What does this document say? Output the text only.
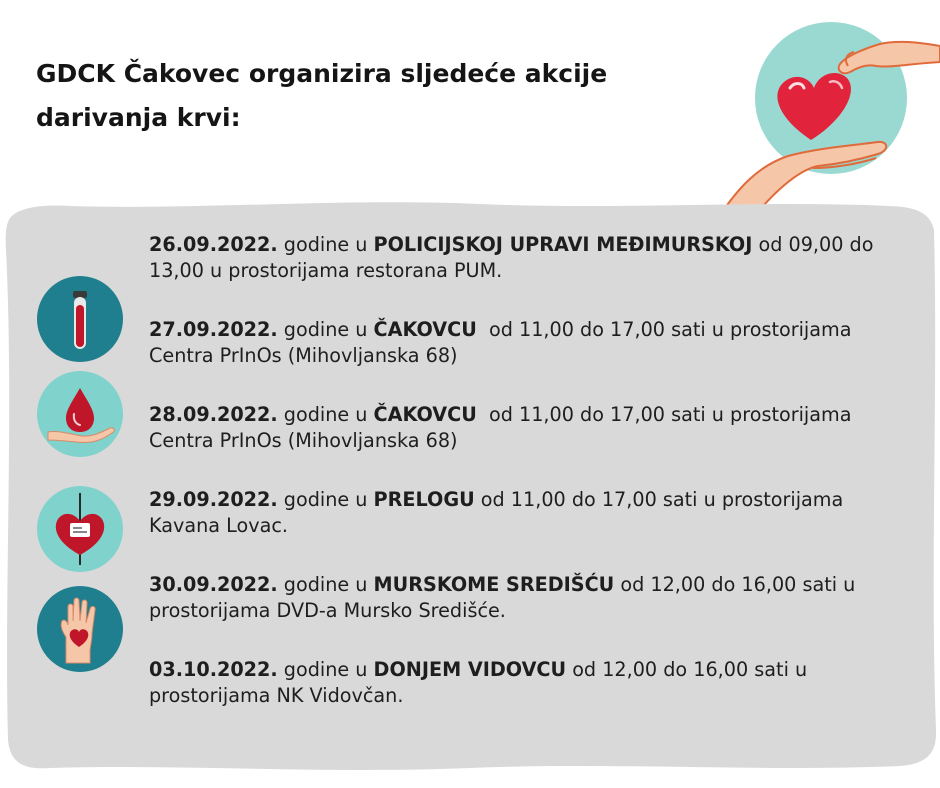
GDCK Čakovec organizira sljedeće akcije darivanja krvi:

26.09.2022. godine u POLICIJSKOJ UPRAVI MEĐIMURSKOJ od 09,00 do 13,00 u prostorijama restorana PUM.

27.09.2022. godine u ČAKOVCU  od 11,00 do 17,00 sati u prostorijama Centra PrInOs (Mihovljanska 68)

28.09.2022. godine u ČAKOVCU  od 11,00 do 17,00 sati u prostorijama Centra PrInOs (Mihovljanska 68)

29.09.2022. godine u PRELOGU od 11,00 do 17,00 sati u prostorijama Kavana Lovac.

30.09.2022. godine u MURSKOME SREDIŠĆU od 12,00 do 16,00 sati u prostorijama DVD-a Mursko Središće.

03.10.2022. godine u DONJEM VIDOVCU od 12,00 do 16,00 sati u prostorijama NK Vidovčan.
